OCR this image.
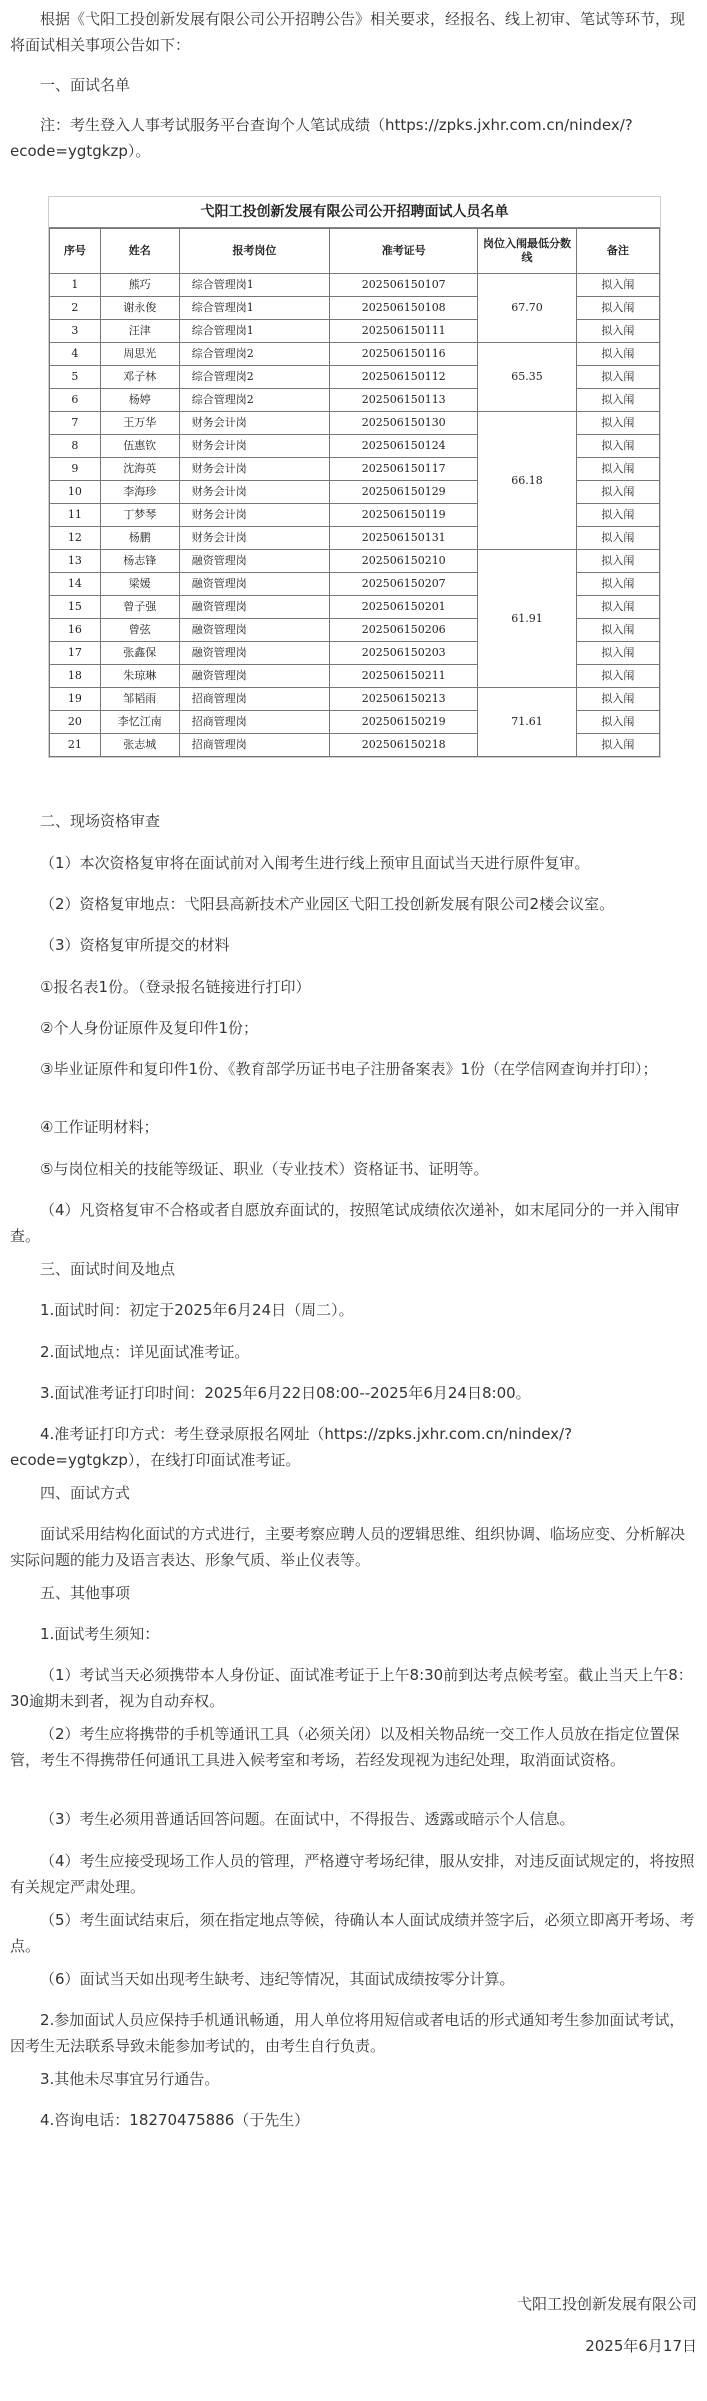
根据《弋阳工投创新发展有限公司公开招聘公告》相关要求，经报名、线上初审、笔试等环节，现将面试相关事项公告如下：

一、面试名单

注：考生登入人事考试服务平台查询个人笔试成绩（https://zpks.jxhr.com.cn/nindex/?ecode=ygtgkzp）。

弋阳工投创新发展有限公司公开招聘面试人员名单
序号	姓名	报考岗位	准考证号	岗位入闱最低分数线	备注
1	熊巧	综合管理岗1	202506150107	67.70	拟入闱
2	谢永俊	综合管理岗1	202506150108		拟入闱
3	汪津	综合管理岗1	202506150111		拟入闱
4	周思光	综合管理岗2	202506150116	65.35	拟入闱
5	邓子林	综合管理岗2	202506150112		拟入闱
6	杨婷	综合管理岗2	202506150113		拟入闱
7	王万华	财务会计岗	202506150130	66.18	拟入闱
8	伍惠钦	财务会计岗	202506150124		拟入闱
9	沈海英	财务会计岗	202506150117		拟入闱
10	李海珍	财务会计岗	202506150129		拟入闱
11	丁梦琴	财务会计岗	202506150119		拟入闱
12	杨鹏	财务会计岗	202506150131		拟入闱
13	杨志锋	融资管理岗	202506150210	61.91	拟入闱
14	梁媛	融资管理岗	202506150207		拟入闱
15	曾子强	融资管理岗	202506150201		拟入闱
16	曾弦	融资管理岗	202506150206		拟入闱
17	张鑫保	融资管理岗	202506150203		拟入闱
18	朱琼琳	融资管理岗	202506150211		拟入闱
19	邹韬雨	招商管理岗	202506150213	71.61	拟入闱
20	李忆江南	招商管理岗	202506150219		拟入闱
21	张志城	招商管理岗	202506150218		拟入闱

二、现场资格审查

（1）本次资格复审将在面试前对入闱考生进行线上预审且面试当天进行原件复审。

（2）资格复审地点：弋阳县高新技术产业园区弋阳工投创新发展有限公司2楼会议室。

（3）资格复审所提交的材料

①报名表1份。（登录报名链接进行打印）

②个人身份证原件及复印件1份；

③毕业证原件和复印件1份、《教育部学历证书电子注册备案表》1份（在学信网查询并打印）；

④工作证明材料；

⑤与岗位相关的技能等级证、职业（专业技术）资格证书、证明等。

（4）凡资格复审不合格或者自愿放弃面试的，按照笔试成绩依次递补，如末尾同分的一并入闱审查。

三、面试时间及地点

1.面试时间：初定于2025年6月24日（周二）。

2.面试地点：详见面试准考证。

3.面试准考证打印时间：2025年6月22日08:00--2025年6月24日8:00。

4.准考证打印方式：考生登录原报名网址（https://zpks.jxhr.com.cn/nindex/?ecode=ygtgkzp），在线打印面试准考证。

四、面试方式

面试采用结构化面试的方式进行，主要考察应聘人员的逻辑思维、组织协调、临场应变、分析解决实际问题的能力及语言表达、形象气质、举止仪表等。

五、其他事项

1.面试考生须知：

（1）考试当天必须携带本人身份证、面试准考证于上午8:30前到达考点候考室。截止当天上午8：30逾期未到者，视为自动弃权。

（2）考生应将携带的手机等通讯工具（必须关闭）以及相关物品统一交工作人员放在指定位置保管，考生不得携带任何通讯工具进入候考室和考场，若经发现视为违纪处理，取消面试资格。

（3）考生必须用普通话回答问题。在面试中，不得报告、透露或暗示个人信息。

（4）考生应接受现场工作人员的管理，严格遵守考场纪律，服从安排，对违反面试规定的，将按照有关规定严肃处理。

（5）考生面试结束后，须在指定地点等候，待确认本人面试成绩并签字后，必须立即离开考场、考点。

（6）面试当天如出现考生缺考、违纪等情况，其面试成绩按零分计算。

2.参加面试人员应保持手机通讯畅通，用人单位将用短信或者电话的形式通知考生参加面试考试，因考生无法联系导致未能参加考试的，由考生自行负责。

3.其他未尽事宜另行通告。

4.咨询电话：18270475886（于先生）

弋阳工投创新发展有限公司

2025年6月17日
